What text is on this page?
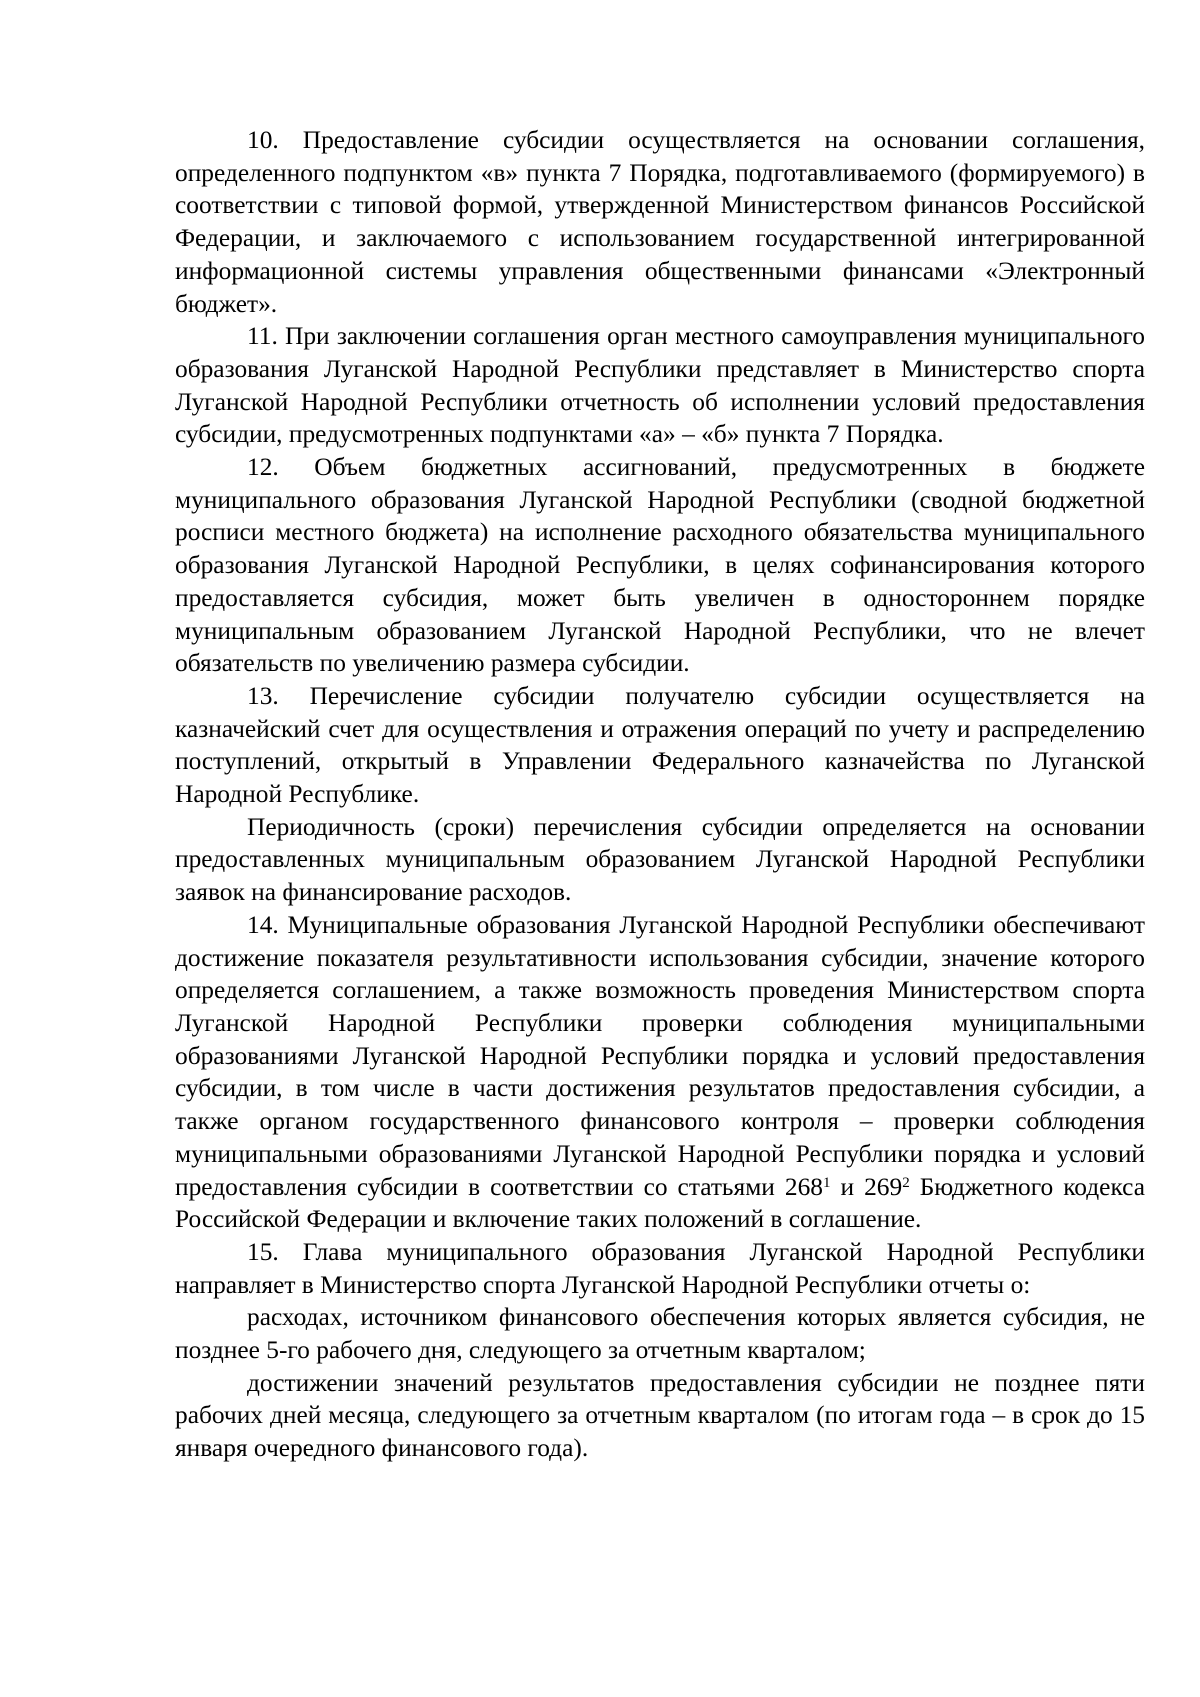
10. Предоставление субсидии осуществляется на основании соглашения, определенного подпунктом «в» пункта 7 Порядка, подготавливаемого (формируемого) в соответствии с типовой формой, утвержденной Министерством финансов Российской Федерации, и заключаемого с использованием государственной интегрированной информационной системы управления общественными финансами «Электронный бюджет».

11. При заключении соглашения орган местного самоуправления муниципального образования Луганской Народной Республики представляет в Министерство спорта Луганской Народной Республики отчетность об исполнении условий предоставления субсидии, предусмотренных подпунктами «а» – «б» пункта 7 Порядка.

12. Объем бюджетных ассигнований, предусмотренных в бюджете муниципального образования Луганской Народной Республики (сводной бюджетной росписи местного бюджета) на исполнение расходного обязательства муниципального образования Луганской Народной Республики, в целях софинансирования которого предоставляется субсидия, может быть увеличен в одностороннем порядке муниципальным образованием Луганской Народной Республики, что не влечет обязательств по увеличению размера субсидии.

13. Перечисление субсидии получателю субсидии осуществляется на казначейский счет для осуществления и отражения операций по учету и распределению поступлений, открытый в Управлении Федерального казначейства по Луганской Народной Республике.

Периодичность (сроки) перечисления субсидии определяется на основании предоставленных муниципальным образованием Луганской Народной Республики заявок на финансирование расходов.

14. Муниципальные образования Луганской Народной Республики обеспечивают достижение показателя результативности использования субсидии, значение которого определяется соглашением, а также возможность проведения Министерством спорта Луганской Народной Республики проверки соблюдения муниципальными образованиями Луганской Народной Республики порядка и условий предоставления субсидии, в том числе в части достижения результатов предоставления субсидии, а также органом государственного финансового контроля – проверки соблюдения муниципальными образованиями Луганской Народной Республики порядка и условий предоставления субсидии в соответствии со статьями $268^1$ и $269^2$ Бюджетного кодекса Российской Федерации и включение таких положений в соглашение.

15. Глава муниципального образования Луганской Народной Республики направляет в Министерство спорта Луганской Народной Республики отчеты о:

расходах, источником финансового обеспечения которых является субсидия, не позднее 5-го рабочего дня, следующего за отчетным кварталом;

достижении значений результатов предоставления субсидии не позднее пяти рабочих дней месяца, следующего за отчетным кварталом (по итогам года – в срок до 15 января очередного финансового года).
